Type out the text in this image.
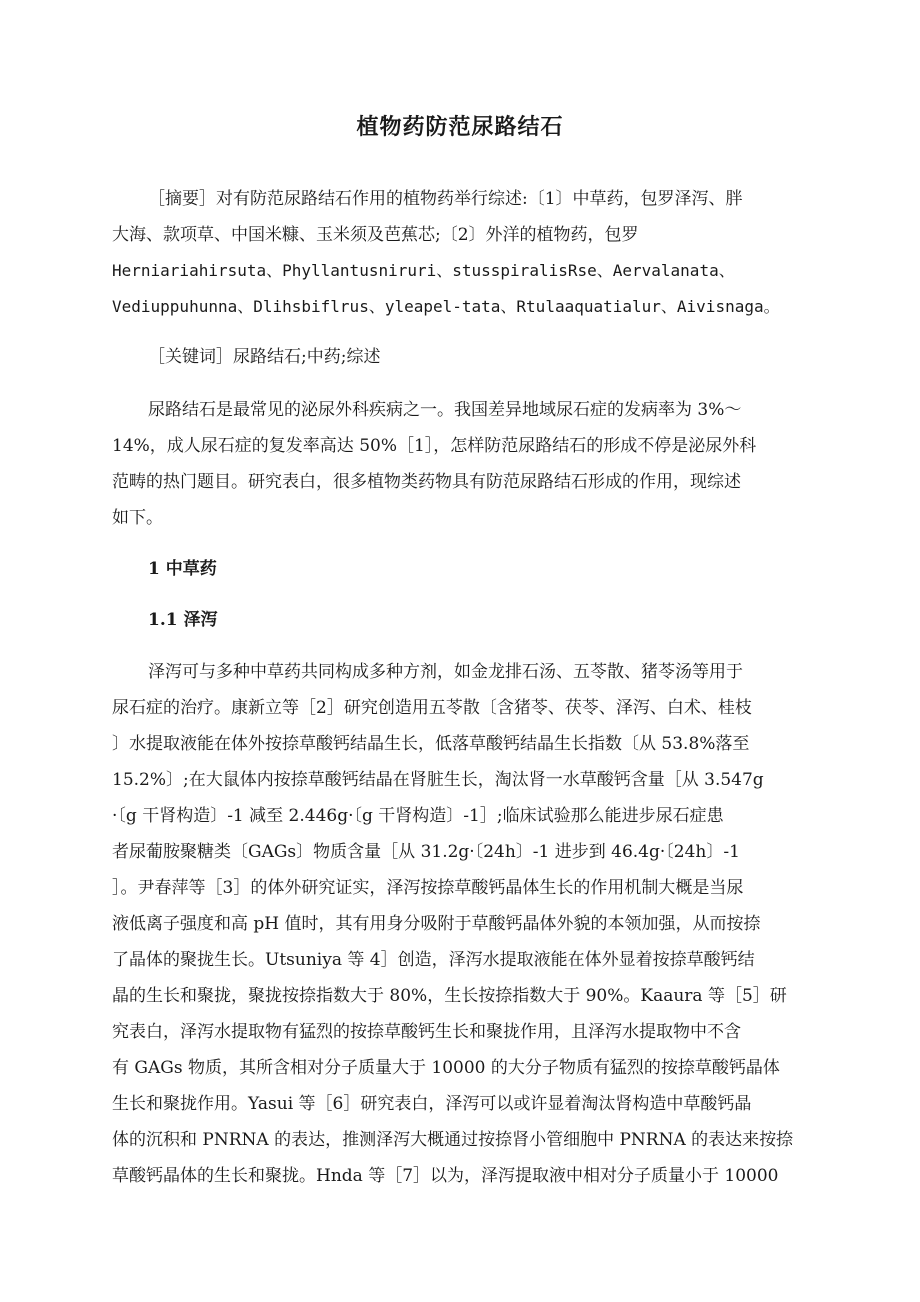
植物药防范尿路结石
［摘要］对有防范尿路结石作用的植物药举行综述:〔1〕中草药，包罗泽泻、胖
大海、款项草、中国米糠、玉米须及芭蕉芯;〔2〕外洋的植物药，包罗
Herniariahirsuta、Phyllantusniruri、stusspiralisRse、Aervalanata、
Vediuppuhunna、Dlihsbiflrus、yleapel-tata、Rtulaaquatialur、Aivisnaga。
［关键词］尿路结石;中药;综述
尿路结石是最常见的泌尿外科疾病之一。我国差异地域尿石症的发病率为 3%～
14%，成人尿石症的复发率高达 50%［1］，怎样防范尿路结石的形成不停是泌尿外科
范畴的热门题目。研究表白，很多植物类药物具有防范尿路结石形成的作用，现综述
如下。
1 中草药
1.1 泽泻
泽泻可与多种中草药共同构成多种方剂，如金龙排石汤、五苓散、猪苓汤等用于
尿石症的治疗。康新立等［2］研究创造用五苓散〔含猪苓、茯苓、泽泻、白术、桂枝
〕水提取液能在体外按捺草酸钙结晶生长，低落草酸钙结晶生长指数〔从 53.8%落至
15.2%〕;在大鼠体内按捺草酸钙结晶在肾脏生长，淘汰肾一水草酸钙含量［从 3.547g
·〔g 干肾构造〕-1 减至 2.446g·〔g 干肾构造〕-1］;临床试验那么能进步尿石症患
者尿葡胺聚糖类〔GAGs〕物质含量［从 31.2g·〔24h〕-1 进步到 46.4g·〔24h〕-1
］。尹春萍等［3］的体外研究证实，泽泻按捺草酸钙晶体生长的作用机制大概是当尿
液低离子强度和高 pH 值时，其有用身分吸附于草酸钙晶体外貌的本领加强，从而按捺
了晶体的聚拢生长。Utsuniya 等 4］创造，泽泻水提取液能在体外显着按捺草酸钙结
晶的生长和聚拢，聚拢按捺指数大于 80%，生长按捺指数大于 90%。Kaaura 等［5］研
究表白，泽泻水提取物有猛烈的按捺草酸钙生长和聚拢作用，且泽泻水提取物中不含
有 GAGs 物质，其所含相对分子质量大于 10000 的大分子物质有猛烈的按捺草酸钙晶体
生长和聚拢作用。Yasui 等［6］研究表白，泽泻可以或许显着淘汰肾构造中草酸钙晶
体的沉积和 PNRNA 的表达，推测泽泻大概通过按捺肾小管细胞中 PNRNA 的表达来按捺
草酸钙晶体的生长和聚拢。Hnda 等［7］以为，泽泻提取液中相对分子质量小于 10000
